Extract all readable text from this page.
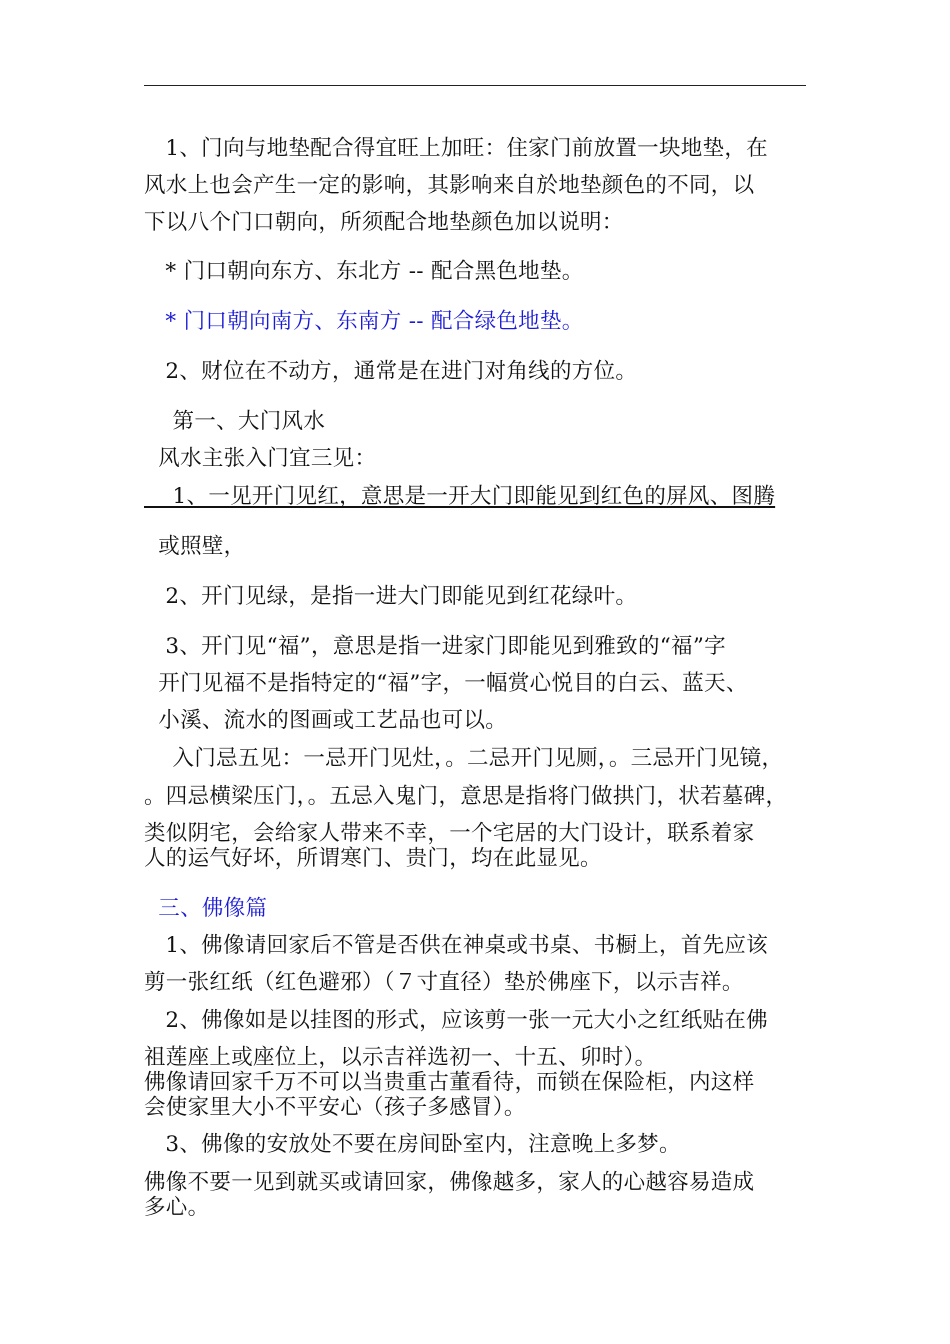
1、门向与地垫配合得宜旺上加旺：住家门前放置一块地垫，在
风水上也会产生一定的影响，其影响来自於地垫颜色的不同，以
下以八个门口朝向，所须配合地垫颜色加以说明：
* 门口朝向东方、东北方 -- 配合黑色地垫。
* 门口朝向南方、东南方 -- 配合绿色地垫。
2、财位在不动方，通常是在进门对角线的方位。
第一、大门风水
风水主张入门宜三见：
1、一见开门见红，意思是一开大门即能见到红色的屏风、图腾
或照壁，
2、开门见绿，是指一进大门即能见到红花绿叶。
3、开门见“福”，意思是指一进家门即能见到雅致的“福”字
开门见福不是指特定的“福”字，一幅赏心悦目的白云、蓝天、
小溪、流水的图画或工艺品也可以。
入门忌五见：一忌开门见灶，。二忌开门见厕，。三忌开门见镜，
。四忌横梁压门，。五忌入鬼门，意思是指将门做拱门，状若墓碑，
类似阴宅，会给家人带来不幸，一个宅居的大门设计，联系着家
人的运气好坏，所谓寒门、贵门，均在此显见。
三、佛像篇
1、佛像请回家后不管是否供在神桌或书桌、书橱上，首先应该
剪一张红纸（红色避邪）（７寸直径）垫於佛座下，以示吉祥。
2、佛像如是以挂图的形式，应该剪一张一元大小之红纸贴在佛
祖莲座上或座位上，以示吉祥选初一、十五、卯时）。
佛像请回家千万不可以当贵重古董看待，而锁在保险柜，内这样
会使家里大小不平安心（孩子多感冒）。
3、佛像的安放处不要在房间卧室内，注意晚上多梦。
佛像不要一见到就买或请回家，佛像越多，家人的心越容易造成
多心。
